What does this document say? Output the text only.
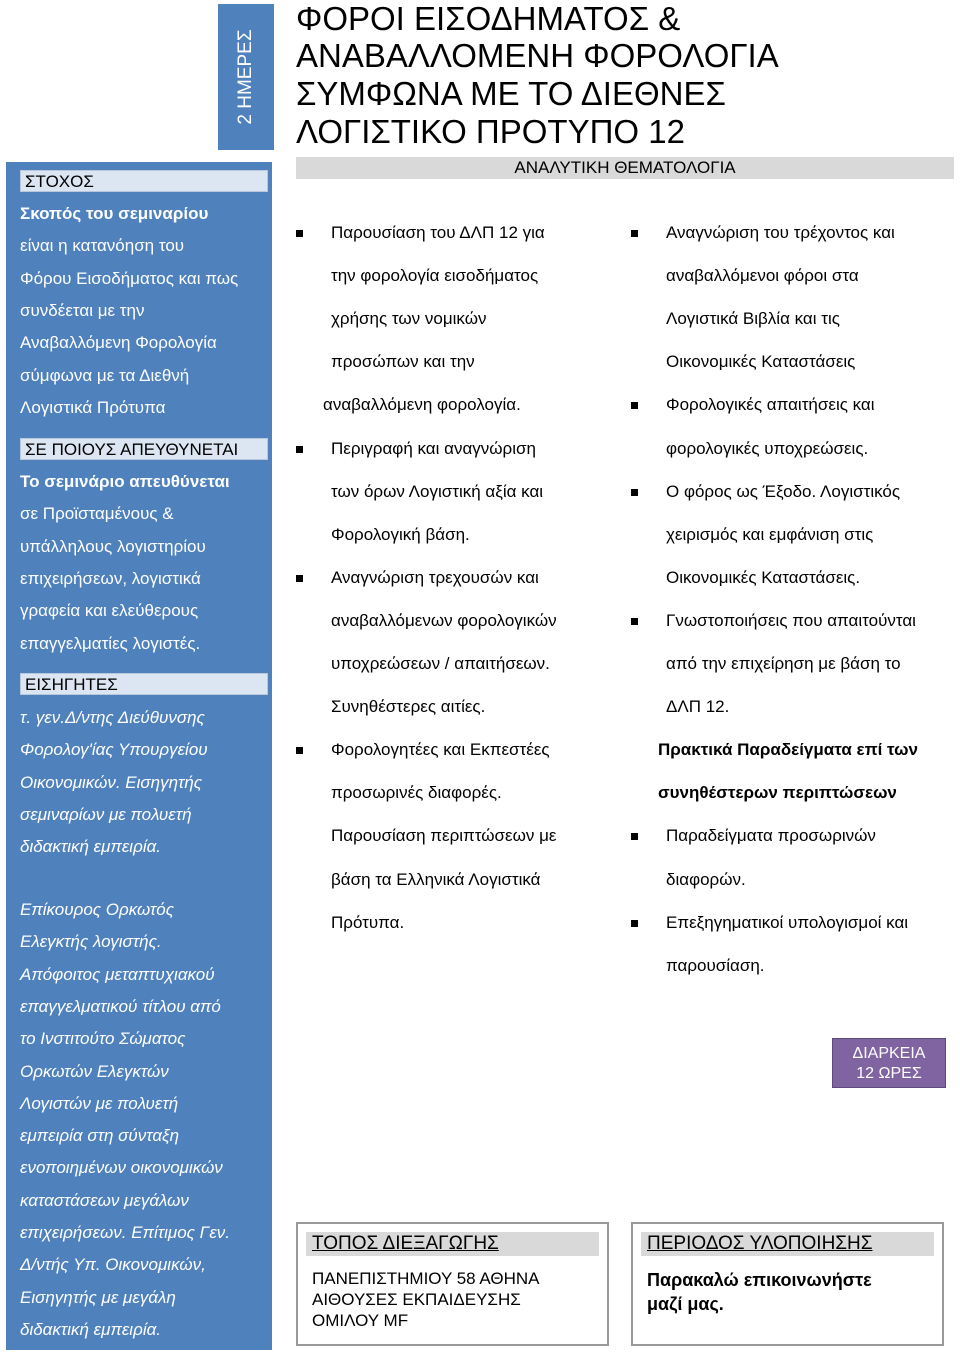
2 ΗΜΕΡΕΣ
ΦΟΡΟΙ ΕΙΣΟΔΗΜΑΤΟΣ &
ΑΝΑΒΑΛΛΟΜΕΝΗ ΦΟΡΟΛΟΓΙΑ
ΣΥΜΦΩΝΑ ΜΕ ΤΟ ΔΙΕΘΝΕΣ
ΛΟΓΙΣΤΙΚΟ ΠΡΟΤΥΠΟ 12
ΑΝΑΛΥΤΙΚΗ ΘΕΜΑΤΟΛΟΓΙΑ
ΣΤΟΧΟΣ
Σκοπός του σεμιναρίου
είναι η κατανόηση του
Φόρου Εισοδήματος και πως
συνδέεται με την
Αναβαλλόμενη Φορολογία
σύμφωνα με τα Διεθνή
Λογιστικά Πρότυπα
ΣΕ ΠΟΙΟΥΣ ΑΠΕΥΘΥΝΕΤΑΙ
Το σεμινάριο απευθύνεται
σε Προϊσταμένους &
υπάλληλους λογιστηρίου
επιχειρήσεων, λογιστικά
γραφεία και ελεύθερους
επαγγελματίες λογιστές.
ΕΙΣΗΓΗΤΕΣ
τ. γεν.Δ/ντης Διεύθυνσης
Φορολογ'ίας Υπουργείου
Οικονομικών. Εισηγητής
σεμιναρίων με πολυετή
διδακτική εμπειρία.
Επίκουρος Ορκωτός
Ελεγκτής λογιστής.
Απόφοιτος μεταπτυχιακού
επαγγελματικού τίτλου από
το Ινστιτούτο Σώματος
Ορκωτών Ελεγκτών
Λογιστών με πολυετή
εμπειρία στη σύνταξη
ενοποιημένων οικονομικών
καταστάσεων μεγάλων
επιχειρήσεων. Επίτιμος Γεν.
Δ/ντής Υπ. Οικονομικών,
Εισηγητής με μεγάλη
διδακτική εμπειρία.
Παρουσίαση του ΔΛΠ 12 για
την φορολογία εισοδήματος
χρήσης των νομικών
προσώπων και την
αναβαλλόμενη φορολογία.
Περιγραφή και αναγνώριση
των όρων Λογιστική αξία και
Φορολογική βάση.
Αναγνώριση τρεχουσών και
αναβαλλόμενων φορολογικών
υποχρεώσεων / απαιτήσεων.
Συνηθέστερες αιτίες.
Φορολογητέες και Εκπεστέες
προσωρινές διαφορές.
Παρουσίαση περιπτώσεων με
βάση τα Ελληνικά Λογιστικά
Πρότυπα.
Αναγνώριση του τρέχοντος και
αναβαλλόμενοι φόροι στα
Λογιστικά Βιβλία και τις
Οικονομικές Καταστάσεις
Φορολογικές απαιτήσεις και
φορολογικές υποχρεώσεις.
Ο φόρος ως Έξοδο. Λογιστικός
χειρισμός και εμφάνιση στις
Οικονομικές Καταστάσεις.
Γνωστοποιήσεις που απαιτούνται
από την επιχείρηση με βάση το
ΔΛΠ 12.
Πρακτικά Παραδείγματα επί των
συνηθέστερων περιπτώσεων
Παραδείγματα προσωρινών
διαφορών.
Επεξηγηματικοί υπολογισμοί και
παρουσίαση.
ΔΙΑΡΚΕΙΑ
12 ΩΡΕΣ
ΤΟΠΟΣ ΔΙΕΞΑΓΩΓΗΣ
ΠΑΝΕΠΙΣΤΗΜΙΟΥ 58 ΑΘΗΝΑ
ΑΙΘΟΥΣΕΣ ΕΚΠΑΙΔΕΥΣΗΣ
ΟΜΙΛΟΥ MF
ΠΕΡΙΟΔΟΣ ΥΛΟΠΟΙΗΣΗΣ
Παρακαλώ επικοινωνήστε
μαζί μας.
